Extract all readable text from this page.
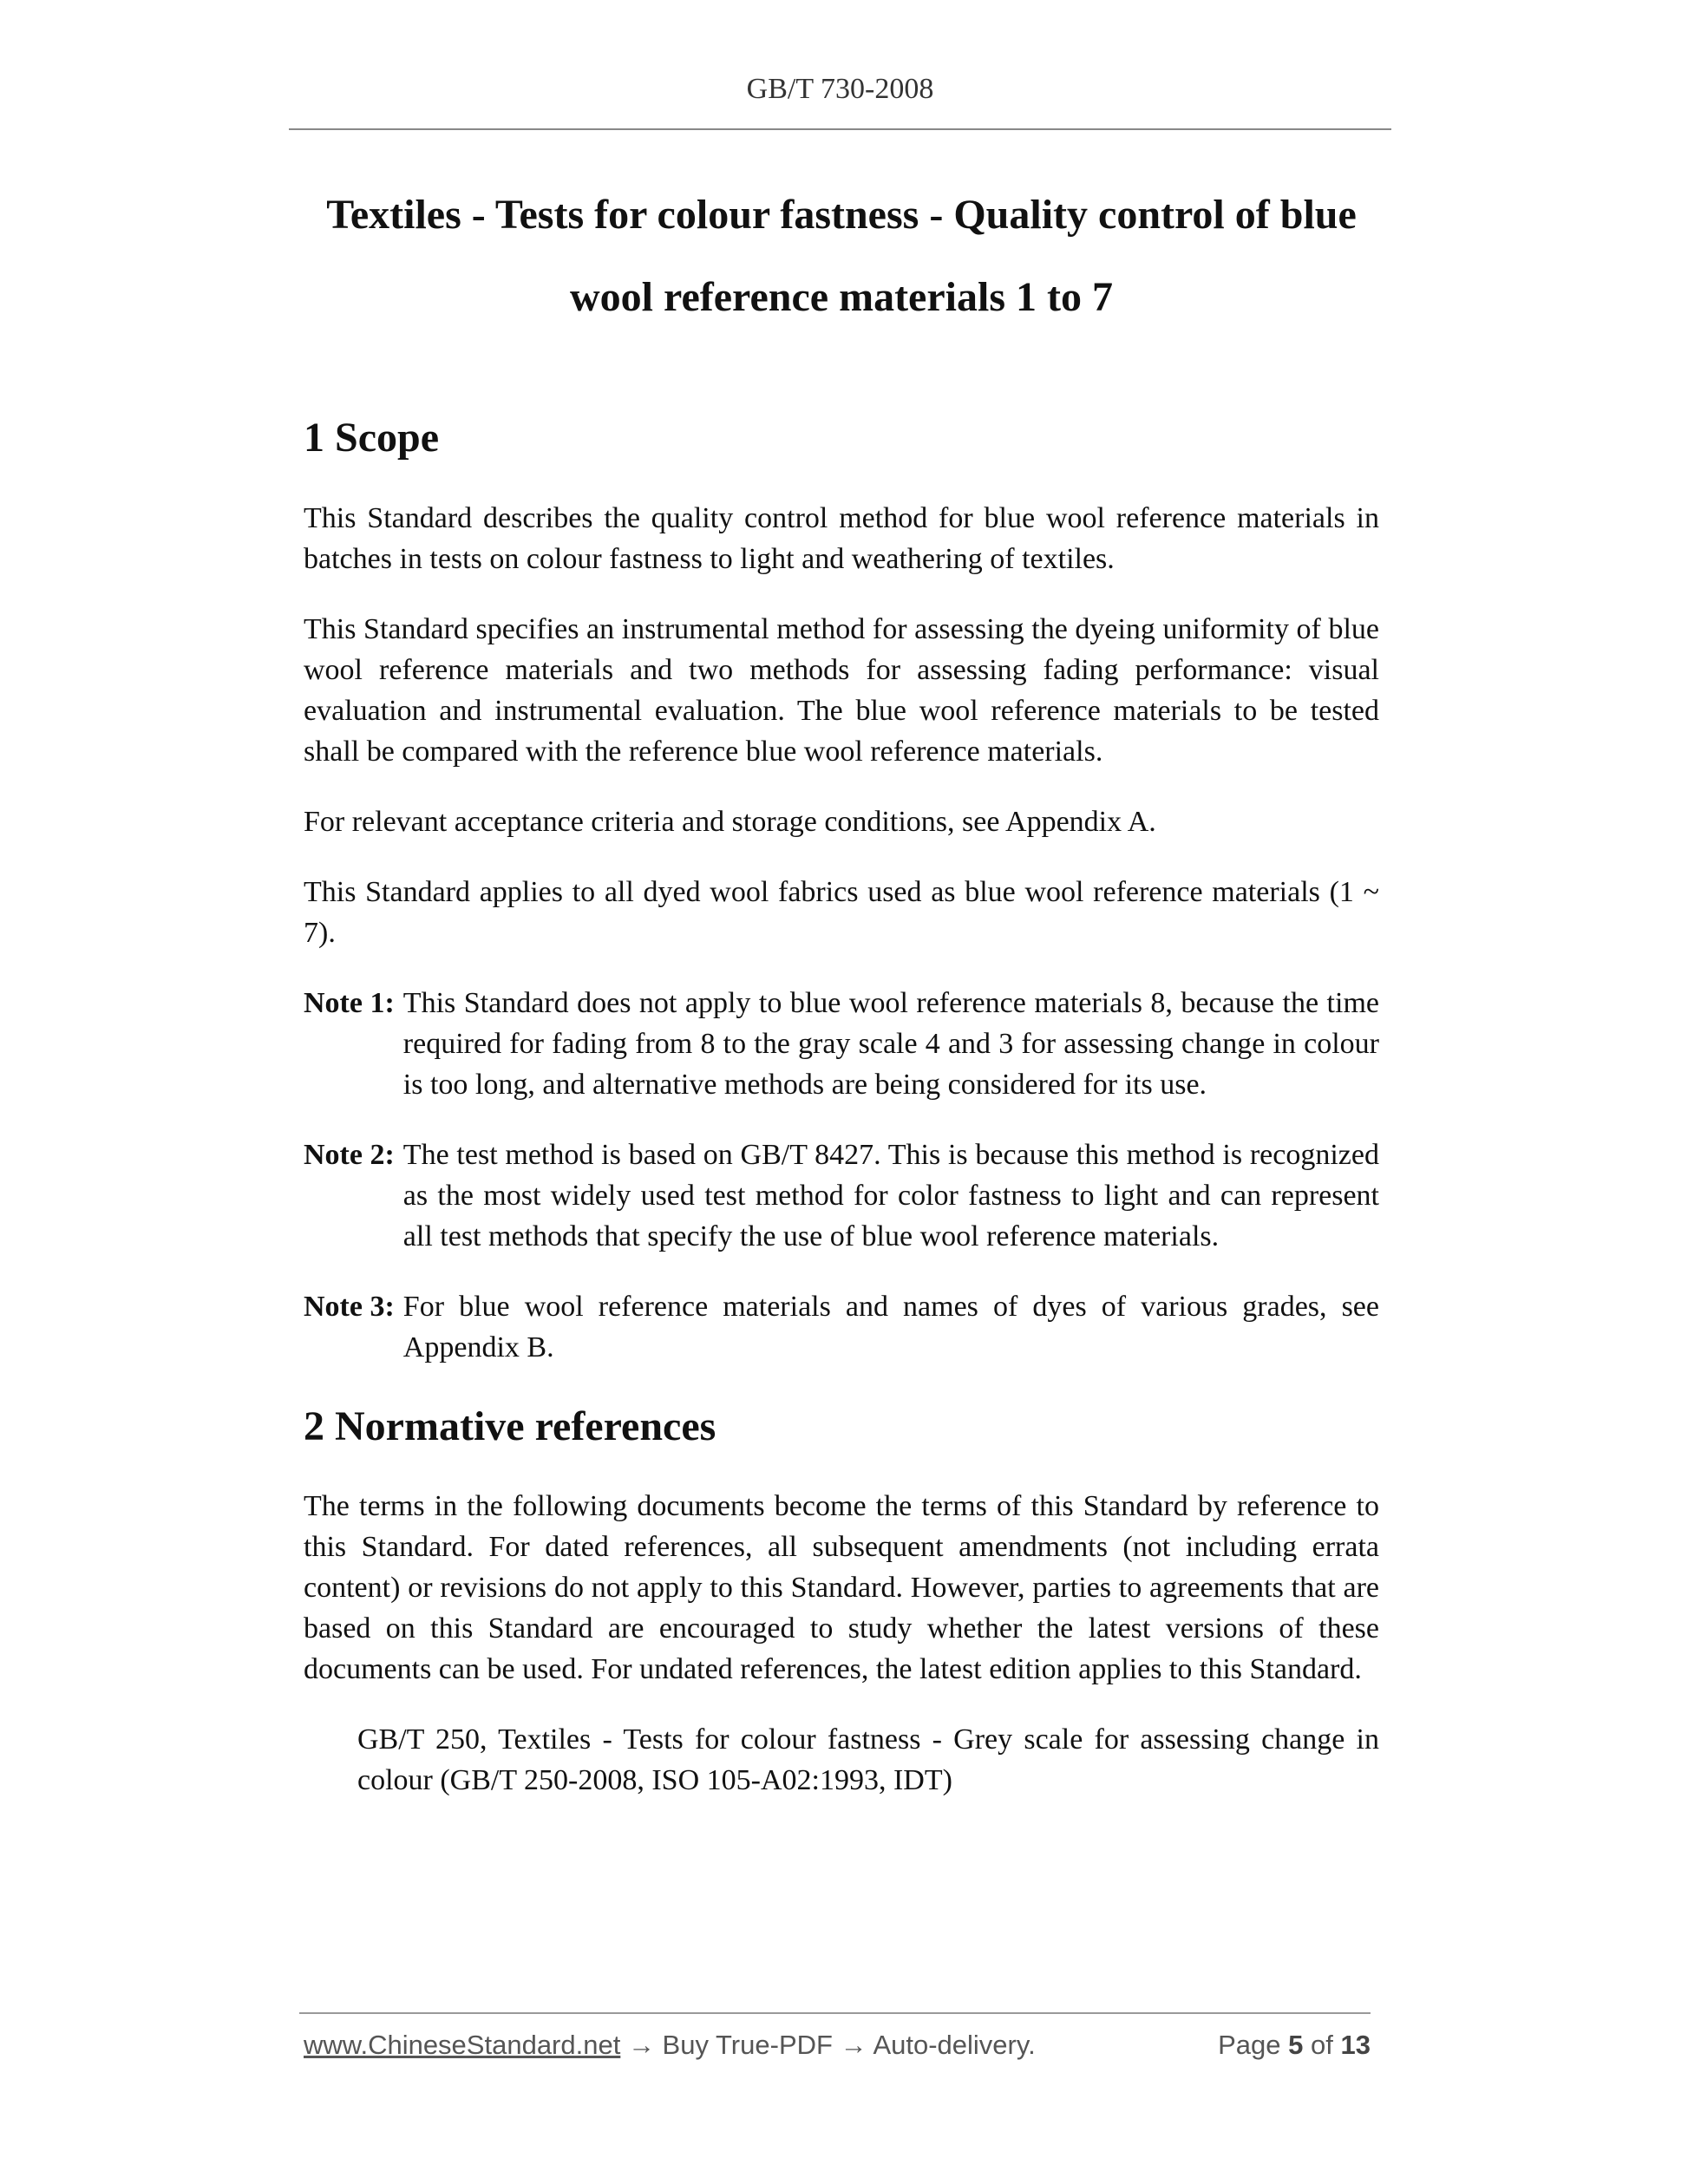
GB/T 730-2008
Textiles - Tests for colour fastness - Quality control of blue
wool reference materials 1 to 7
1 Scope

This Standard describes the quality control method for blue wool reference materials in batches in tests on colour fastness to light and weathering of textiles.

This Standard specifies an instrumental method for assessing the dyeing uniformity of blue wool reference materials and two methods for assessing fading performance: visual evaluation and instrumental evaluation. The blue wool reference materials to be tested shall be compared with the reference blue wool reference materials.

For relevant acceptance criteria and storage conditions, see Appendix A.

This Standard applies to all dyed wool fabrics used as blue wool reference materials (1 ~ 7).

Note 1: This Standard does not apply to blue wool reference materials 8, because the time required for fading from 8 to the gray scale 4 and 3 for assessing change in colour is too long, and alternative methods are being considered for its use.
Note 2: The test method is based on GB/T 8427. This is because this method is recognized as the most widely used test method for color fastness to light and can represent all test methods that specify the use of blue wool reference materials.
Note 3: For blue wool reference materials and names of dyes of various grades, see Appendix B.
2 Normative references

The terms in the following documents become the terms of this Standard by reference to this Standard. For dated references, all subsequent amendments (not including errata content) or revisions do not apply to this Standard. However, parties to agreements that are based on this Standard are encouraged to study whether the latest versions of these documents can be used. For undated references, the latest edition applies to this Standard.

GB/T 250, Textiles - Tests for colour fastness - Grey scale for assessing change in colour (GB/T 250-2008, ISO 105-A02:1993, IDT)

www.ChineseStandard.net → Buy True-PDF → Auto-delivery.	Page 5 of 13
